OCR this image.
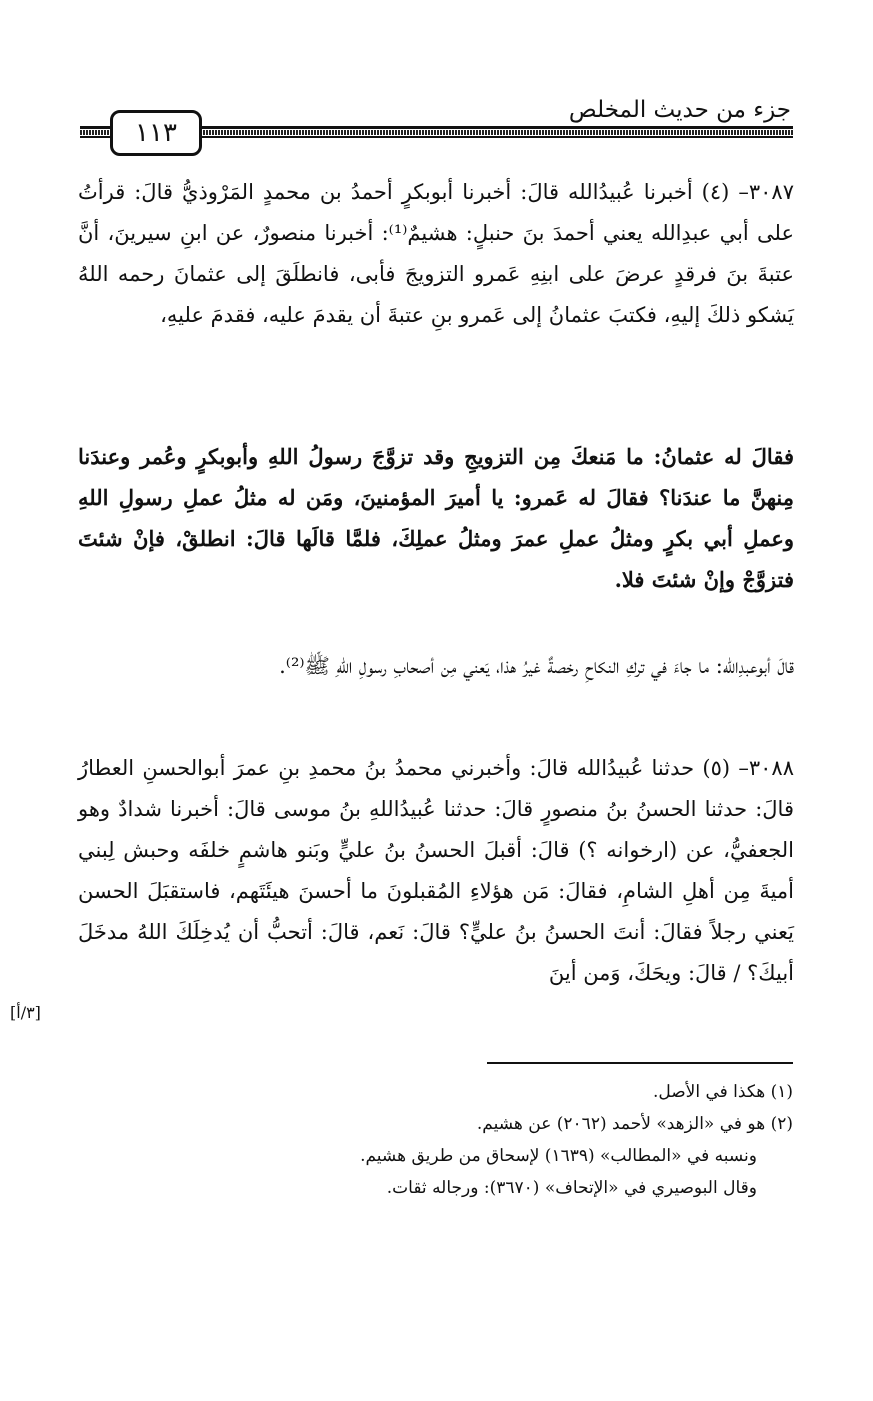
جزء من حديث المخلص
١١٣

٣٠٨٧– (٤) أخبرنا عُبيدُالله قالَ: أخبرنا أبوبكرٍ أحمدُ بن محمدٍ المَرْوذيُّ قالَ: قرأتُ على أبي عبدِالله يعني أحمدَ بنَ حنبلٍ: هشيمٌ⁽¹⁾: أخبرنا منصورٌ، عن ابنِ سيرينَ، أنَّ عتبةَ بنَ فرقدٍ عرضَ على ابنِهِ عَمرو التزويجَ فأبى، فانطلَقَ إلى عثمانَ رحمه اللهُ يَشكو ذلكَ إليهِ، فكتبَ عثمانُ إلى عَمرو بنِ عتبةَ أن يقدمَ عليه، فقدمَ عليهِ،

فقالَ له عثمانُ: ما مَنعكَ مِن التزويجِ وقد تزوَّجَ رسولُ اللهِ وأبوبكرٍ وعُمر وعندَنا مِنهنَّ ما عندَنا؟ فقالَ له عَمرو: يا أميرَ المؤمنينَ، ومَن له مثلُ عملِ رسولِ اللهِ وعملِ أبي بكرٍ ومثلُ عملِ عمرَ ومثلُ عملِكَ، فلمَّا قالَها قالَ: انطلقْ، فإنْ شئتَ فتزوَّجْ وإنْ شئتَ فلا.

قالَ أبوعبدِالله: ما جاءَ في تركِ النكاحِ رخصةٌ غيرُ هذا، يَعني مِن أصحابِ رسولِ اللهِ ﷺ⁽²⁾.

٣٠٨٨– (٥) حدثنا عُبيدُالله قالَ: وأخبرني محمدُ بنُ محمدِ بنِ عمرَ أبوالحسنِ العطارُ قالَ: حدثنا الحسنُ بنُ منصورٍ قالَ: حدثنا عُبيدُاللهِ بنُ موسى قالَ: أخبرنا شدادٌ وهو الجعفيُّ، عن (ارخوانه ؟) قالَ: أقبلَ الحسنُ بنُ عليٍّ وبَنو هاشمٍ خلفَه وحبش لِبني أميةَ مِن أهلِ الشامِ، فقالَ: مَن هؤلاءِ المُقبلونَ ما أحسنَ هيئَتَهم، فاستقبَلَ الحسن يَعني رجلاً فقالَ: أنتَ الحسنُ بنُ عليٍّ؟ قالَ: نَعم، قالَ: أتحبُّ أن يُدخِلَكَ اللهُ مدخَلَ أبيكَ؟ / قالَ: ويحَكَ، وَمن أينَ

[٣/أ]

(١) هكذا في الأصل.

(٢) هو في «الزهد» لأحمد (٢٠٦٢) عن هشيم.

ونسبه في «المطالب» (١٦٣٩) لإسحاق من طريق هشيم.

وقال البوصيري في «الإتحاف» (٣٦٧٠): ورجاله ثقات.
